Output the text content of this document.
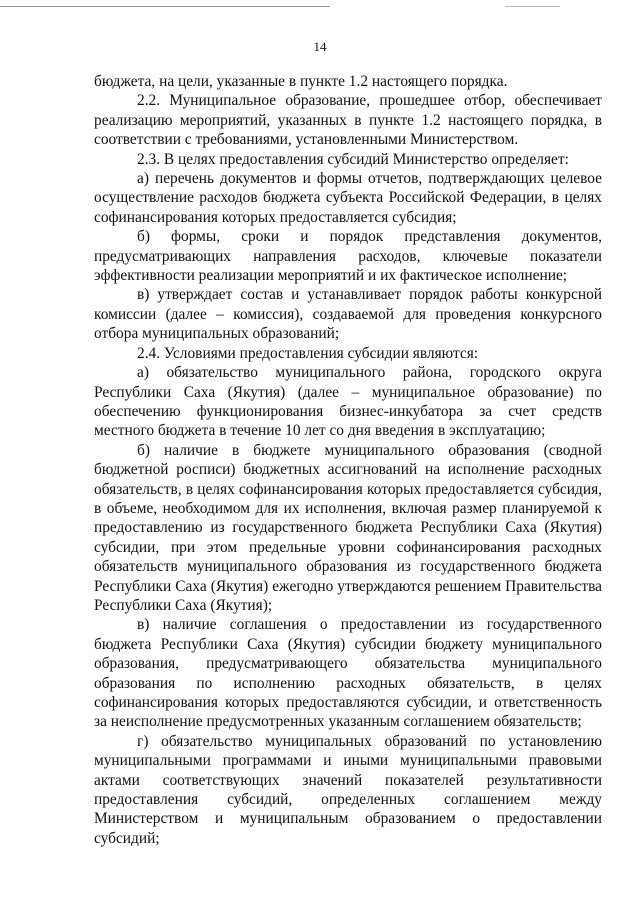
14

бюджета, на цели, указанные в пункте 1.2 настоящего порядка.

2.2. Муниципальное образование, прошедшее отбор, обеспечивает реализацию мероприятий, указанных в пункте 1.2 настоящего порядка, в соответствии с требованиями, установленными Министерством.

2.3. В целях предоставления субсидий Министерство определяет:

а) перечень документов и формы отчетов, подтверждающих целевое осуществление расходов бюджета субъекта Российской Федерации, в целях софинансирования которых предоставляется субсидия;

б) формы, сроки и порядок представления документов, предусматривающих направления расходов, ключевые показатели эффективности реализации мероприятий и их фактическое исполнение;

в) утверждает состав и устанавливает порядок работы конкурсной комиссии (далее – комиссия), создаваемой для проведения конкурсного отбора муниципальных образований;

2.4. Условиями предоставления субсидии являются:

а) обязательство муниципального района, городского округа Республики Саха (Якутия) (далее – муниципальное образование) по обеспечению функционирования бизнес-инкубатора за счет средств местного бюджета в течение 10 лет со дня введения в эксплуатацию;

б) наличие в бюджете муниципального образования (сводной бюджетной росписи) бюджетных ассигнований на исполнение расходных обязательств, в целях софинансирования которых предоставляется субсидия, в объеме, необходимом для их исполнения, включая размер планируемой к предоставлению из государственного бюджета Республики Саха (Якутия) субсидии, при этом предельные уровни софинансирования расходных обязательств муниципального образования из государственного бюджета Республики Саха (Якутия) ежегодно утверждаются решением Правительства Республики Саха (Якутия);

в) наличие соглашения о предоставлении из государственного бюджета Республики Саха (Якутия) субсидии бюджету муниципального образования, предусматривающего обязательства муниципального образования по исполнению расходных обязательств, в целях софинансирования которых предоставляются субсидии, и ответственность за неисполнение предусмотренных указанным соглашением обязательств;

г) обязательство муниципальных образований по установлению муниципальными программами и иными муниципальными правовыми актами соответствующих значений показателей результативности предоставления субсидий, определенных соглашением между Министерством и муниципальным образованием о предоставлении субсидий;
